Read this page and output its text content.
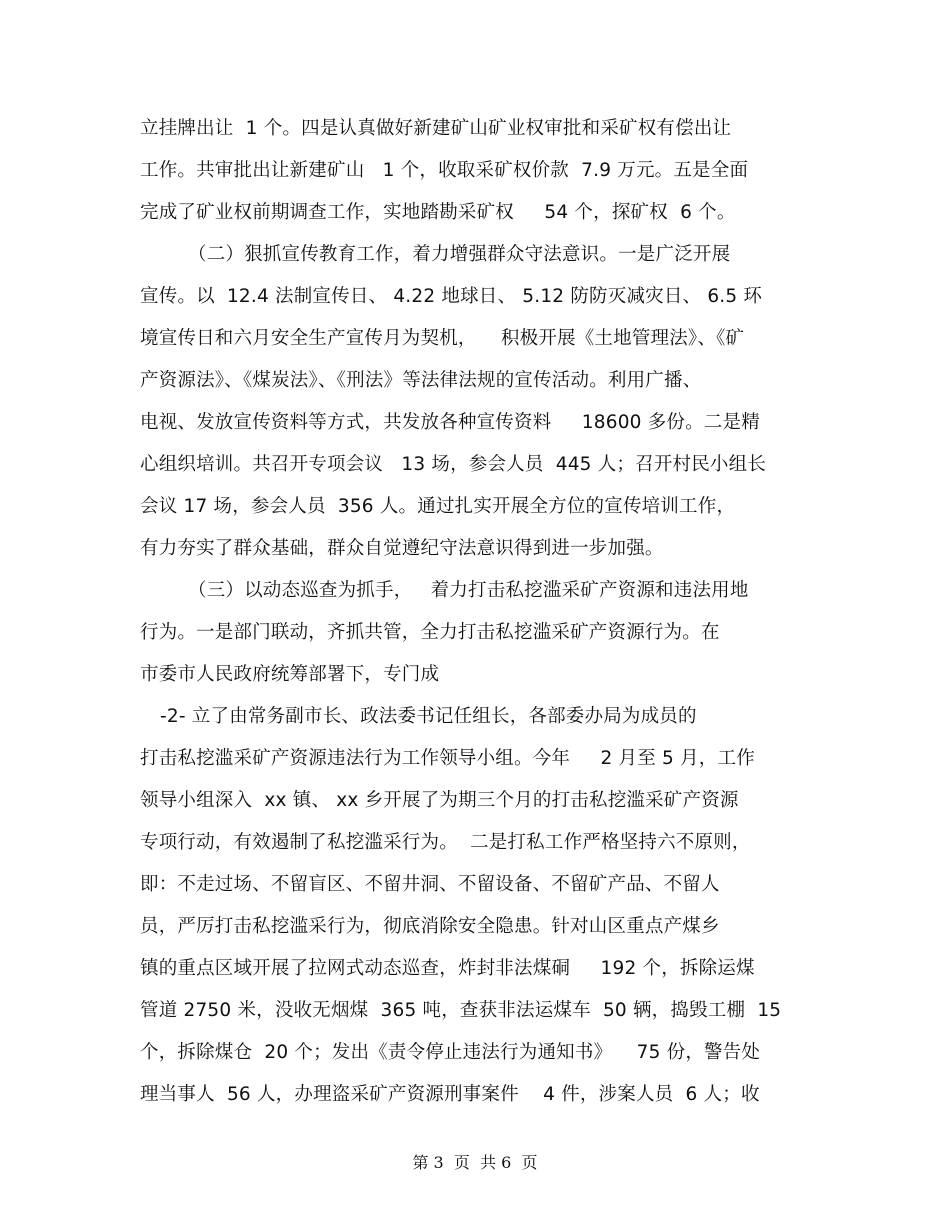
立挂牌出让  1 个。四是认真做好新建矿山矿业权审批和采矿权有偿出让
工作。共审批出让新建矿山   1 个，收取采矿权价款  7.9 万元。五是全面
完成了矿业权前期调查工作，实地踏勘采矿权     54 个，探矿权  6 个。
（二）狠抓宣传教育工作，着力增强群众守法意识。一是广泛开展
宣传。以  12.4 法制宣传日、 4.22 地球日、 5.12 防防灭减灾日、 6.5 环
境宣传日和六月安全生产宣传月为契机，    积极开展《土地管理法》、《矿
产资源法》、《煤炭法》、《刑法》等法律法规的宣传活动。利用广播、
电视、发放宣传资料等方式，共发放各种宣传资料     18600 多份。二是精
心组织培训。共召开专项会议   13 场，参会人员  445 人；召开村民小组长
会议 17 场，参会人员  356 人。通过扎实开展全方位的宣传培训工作，
有力夯实了群众基础，群众自觉遵纪守法意识得到进一步加强。
（三）以动态巡查为抓手，   着力打击私挖滥采矿产资源和违法用地
行为。一是部门联动，齐抓共管，全力打击私挖滥采矿产资源行为。在
市委市人民政府统筹部署下，专门成
-2- 立了由常务副市长、政法委书记任组长，各部委办局为成员的
打击私挖滥采矿产资源违法行为工作领导小组。今年     2 月至 5 月，工作
领导小组深入  xx 镇、 xx 乡开展了为期三个月的打击私挖滥采矿产资源
专项行动，有效遏制了私挖滥采行为。  二是打私工作严格坚持六不原则，
即：不走过场、不留盲区、不留井洞、不留设备、不留矿产品、不留人
员，严厉打击私挖滥采行为，彻底消除安全隐患。针对山区重点产煤乡
镇的重点区域开展了拉网式动态巡查，炸封非法煤硐     192 个，拆除运煤
管道 2750 米，没收无烟煤  365 吨，查获非法运煤车  50 辆，捣毁工棚  15
个，拆除煤仓  20 个；发出《责令停止违法行为通知书》    75 份，警告处
理当事人  56 人，办理盗采矿产资源刑事案件    4 件，涉案人员  6 人；收
第 3  页  共 6  页
